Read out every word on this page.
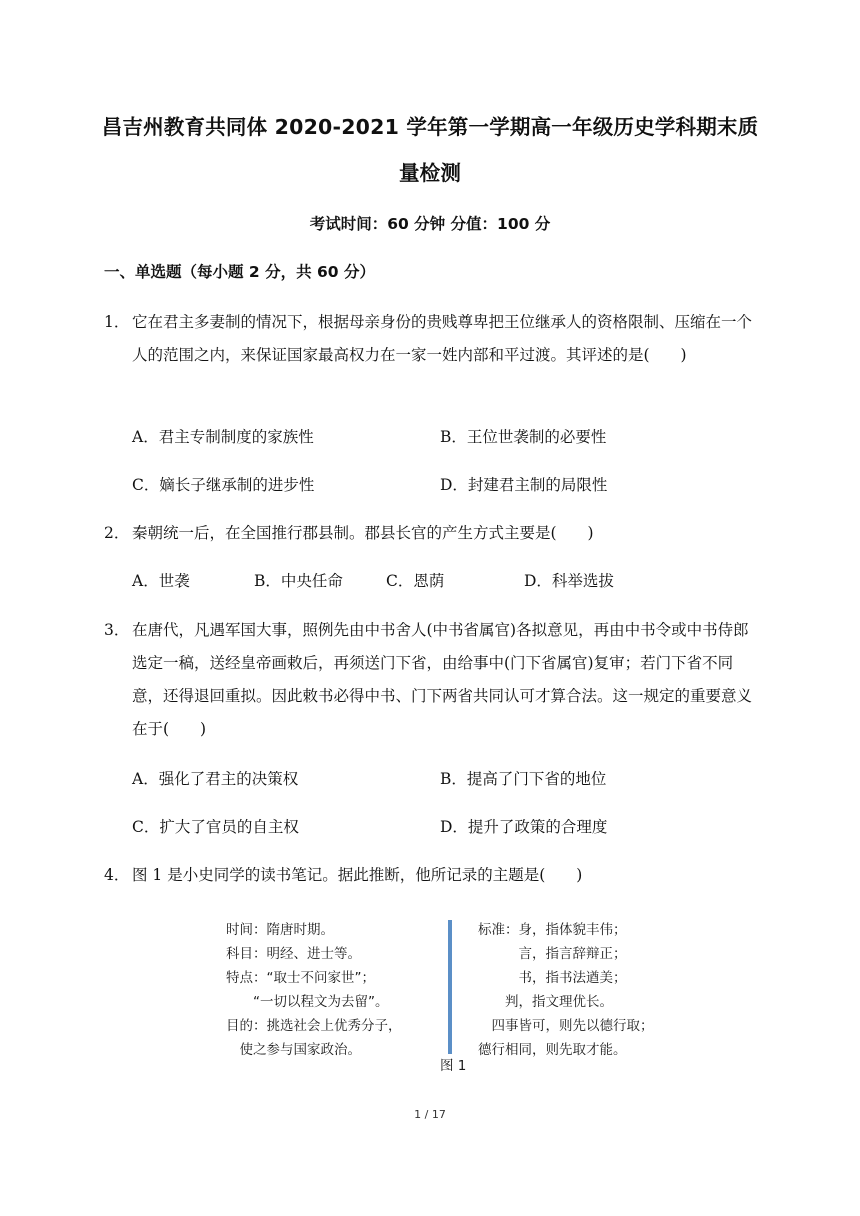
昌吉州教育共同体 2020-2021 学年第一学期高一年级历史学科期末质量检测
考试时间：60 分钟 分值：100 分
一、单选题（每小题 2 分，共 60 分）
1． 它在君主多妻制的情况下，根据母亲身份的贵贱尊卑把王位继承人的资格限制、压缩在一个人的范围之内，来保证国家最高权力在一家一姓内部和平过渡。其评述的是(　　)
A．君主专制制度的家族性	B．王位世袭制的必要性
C．嫡长子继承制的进步性	D．封建君主制的局限性
2． 秦朝统一后，在全国推行郡县制。郡县长官的产生方式主要是(　　)
A．世袭	B．中央任命	C．恩荫	D．科举选拔
3． 在唐代，凡遇军国大事，照例先由中书舍人(中书省属官)各拟意见，再由中书令或中书侍郎选定一稿，送经皇帝画敕后，再须送门下省，由给事中(门下省属官)复审；若门下省不同意，还得退回重拟。因此敕书必得中书、门下两省共同认可才算合法。这一规定的重要意义在于(　　)
A．强化了君主的决策权	B．提高了门下省的地位
C．扩大了官员的自主权	D．提升了政策的合理度
4． 图 1 是小史同学的读书笔记。据此推断，他所记录的主题是(　　)
时间：隋唐时期。
科目：明经、进士等。
特点：“取士不问家世”；
　　“一切以程文为去留”。
目的：挑选社会上优秀分子，
　使之参与国家政治。
标准：身，指体貌丰伟；
　　　言，指言辞辩正；
　　　书，指书法遒美；
　　判，指文理优长。
　四事皆可，则先以德行取；
德行相同，则先取才能。
图 1
1 / 17
